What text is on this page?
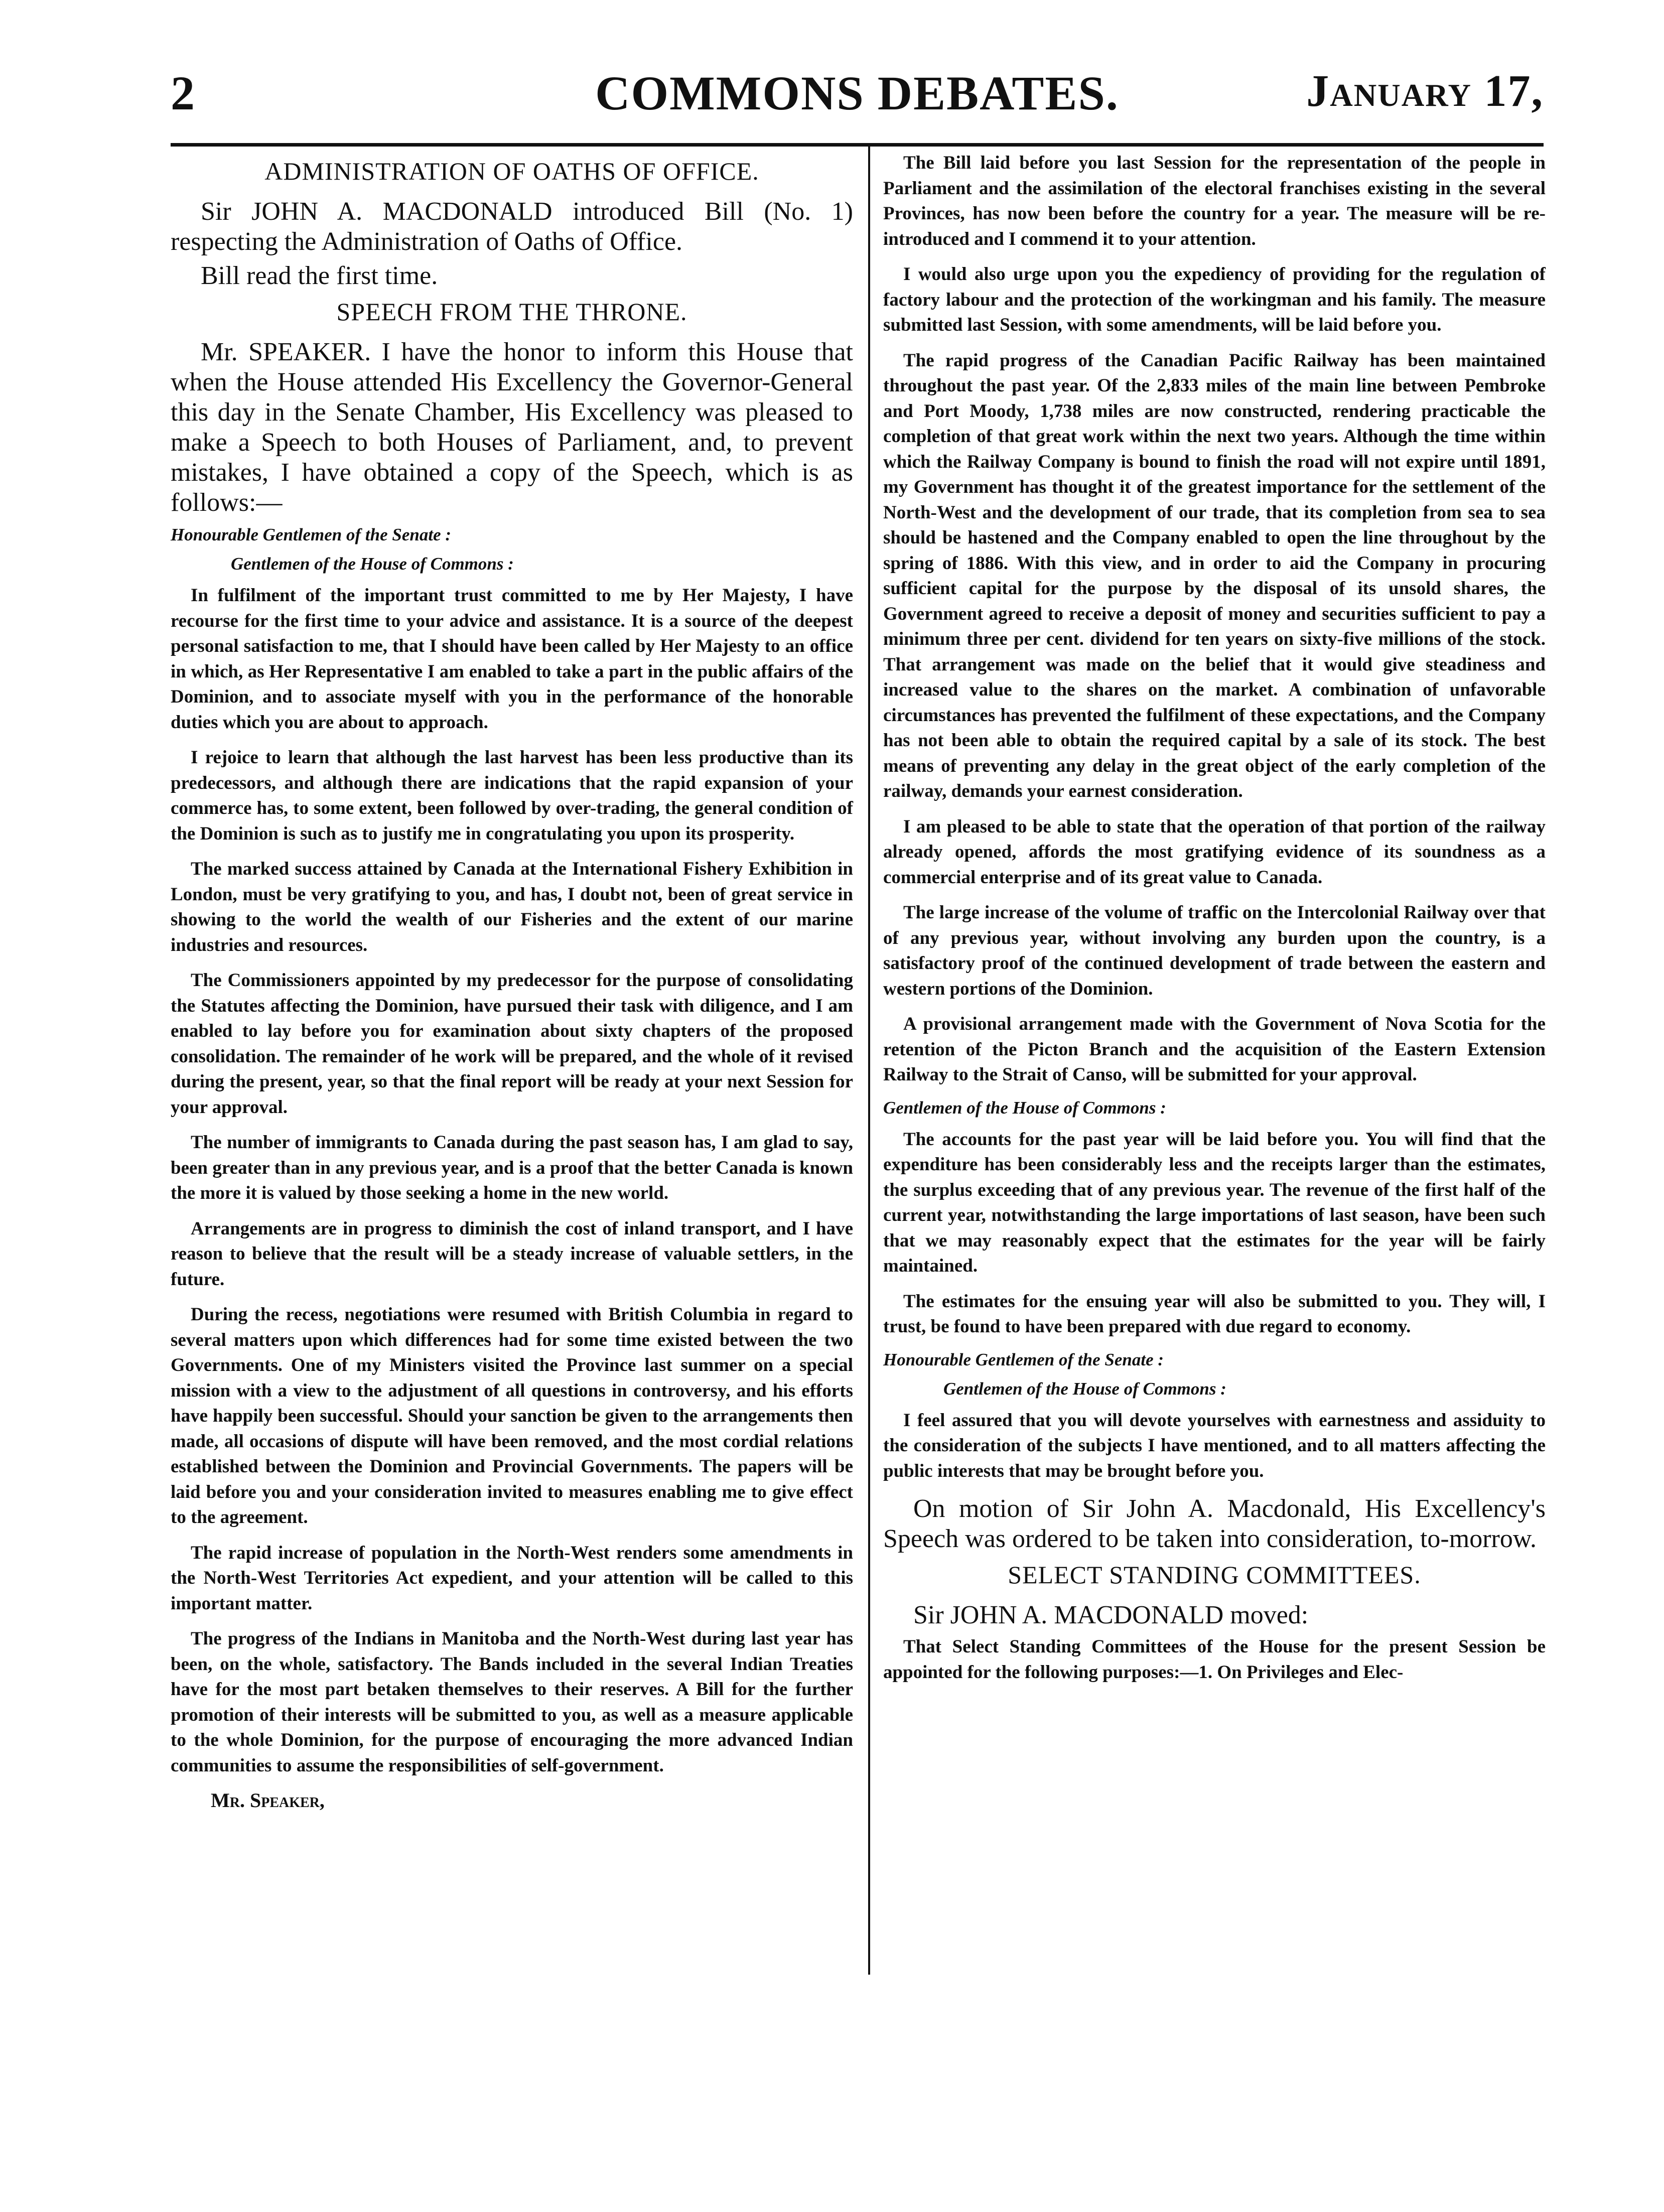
2	COMMONS DEBATES.	January 17,
ADMINISTRATION OF OATHS OF OFFICE.

Sir JOHN A. MACDONALD introduced Bill (No. 1) respecting the Administration of Oaths of Office.

Bill read the first time.

SPEECH FROM THE THRONE.

Mr. SPEAKER. I have the honor to inform this House that when the House attended His Excellency the Governor-General this day in the Senate Chamber, His Excellency was pleased to make a Speech to both Houses of Parliament, and, to prevent mistakes, I have obtained a copy of the Speech, which is as follows:—

Honourable Gentlemen of the Senate :
Gentlemen of the House of Commons :

In fulfilment of the important trust committed to me by Her Majesty, I have recourse for the first time to your advice and assistance. It is a source of the deepest personal satisfaction to me, that I should have been called by Her Majesty to an office in which, as Her Representative I am enabled to take a part in the public affairs of the Dominion, and to associate myself with you in the performance of the honorable duties which you are about to approach.

I rejoice to learn that although the last harvest has been less productive than its predecessors, and although there are indications that the rapid expansion of your commerce has, to some extent, been followed by over-trading, the general condition of the Dominion is such as to justify me in congratulating you upon its prosperity.

The marked success attained by Canada at the International Fishery Exhibition in London, must be very gratifying to you, and has, I doubt not, been of great service in showing to the world the wealth of our Fisheries and the extent of our marine industries and resources.

The Commissioners appointed by my predecessor for the purpose of consolidating the Statutes affecting the Dominion, have pursued their task with diligence, and I am enabled to lay before you for examination about sixty chapters of the proposed consolidation. The remainder of he work will be prepared, and the whole of it revised during the present, year, so that the final report will be ready at your next Session for your approval.

The number of immigrants to Canada during the past season has, I am glad to say, been greater than in any previous year, and is a proof that the better Canada is known the more it is valued by those seeking a home in the new world.

Arrangements are in progress to diminish the cost of inland transport, and I have reason to believe that the result will be a steady increase of valuable settlers, in the future.

During the recess, negotiations were resumed with British Columbia in regard to several matters upon which differences had for some time existed between the two Governments. One of my Ministers visited the Province last summer on a special mission with a view to the adjustment of all questions in controversy, and his efforts have happily been successful. Should your sanction be given to the arrangements then made, all occasions of dispute will have been removed, and the most cordial relations established between the Dominion and Provincial Governments. The papers will be laid before you and your consideration invited to measures enabling me to give effect to the agreement.

The rapid increase of population in the North-West renders some amendments in the North-West Territories Act expedient, and your attention will be called to this important matter.

The progress of the Indians in Manitoba and the North-West during last year has been, on the whole, satisfactory. The Bands included in the several Indian Treaties have for the most part betaken themselves to their reserves. A Bill for the further promotion of their interests will be submitted to you, as well as a measure applicable to the whole Dominion, for the purpose of encouraging the more advanced Indian communities to assume the responsibilities of self-government.

Mr. Speaker,

The Bill laid before you last Session for the representation of the people in Parliament and the assimilation of the electoral franchises existing in the several Provinces, has now been before the country for a year. The measure will be re-introduced and I commend it to your attention.

I would also urge upon you the expediency of providing for the regulation of factory labour and the protection of the workingman and his family. The measure submitted last Session, with some amendments, will be laid before you.

The rapid progress of the Canadian Pacific Railway has been maintained throughout the past year. Of the 2,833 miles of the main line between Pembroke and Port Moody, 1,738 miles are now constructed, rendering practicable the completion of that great work within the next two years. Although the time within which the Railway Company is bound to finish the road will not expire until 1891, my Government has thought it of the greatest importance for the settlement of the North-West and the development of our trade, that its completion from sea to sea should be hastened and the Company enabled to open the line throughout by the spring of 1886. With this view, and in order to aid the Company in procuring sufficient capital for the purpose by the disposal of its unsold shares, the Government agreed to receive a deposit of money and securities sufficient to pay a minimum three per cent. dividend for ten years on sixty-five millions of the stock. That arrangement was made on the belief that it would give steadiness and increased value to the shares on the market. A combination of unfavorable circumstances has prevented the fulfilment of these expectations, and the Company has not been able to obtain the required capital by a sale of its stock. The best means of preventing any delay in the great object of the early completion of the railway, demands your earnest consideration.

I am pleased to be able to state that the operation of that portion of the railway already opened, affords the most gratifying evidence of its soundness as a commercial enterprise and of its great value to Canada.

The large increase of the volume of traffic on the Intercolonial Railway over that of any previous year, without involving any burden upon the country, is a satisfactory proof of the continued development of trade between the eastern and western portions of the Dominion.

A provisional arrangement made with the Government of Nova Scotia for the retention of the Picton Branch and the acquisition of the Eastern Extension Railway to the Strait of Canso, will be submitted for your approval.

Gentlemen of the House of Commons :

The accounts for the past year will be laid before you. You will find that the expenditure has been considerably less and the receipts larger than the estimates, the surplus exceeding that of any previous year. The revenue of the first half of the current year, notwithstanding the large importations of last season, have been such that we may reasonably expect that the estimates for the year will be fairly maintained.

The estimates for the ensuing year will also be submitted to you. They will, I trust, be found to have been prepared with due regard to economy.

Honourable Gentlemen of the Senate :
Gentlemen of the House of Commons :

I feel assured that you will devote yourselves with earnestness and assiduity to the consideration of the subjects I have mentioned, and to all matters affecting the public interests that may be brought before you.

On motion of Sir John A. Macdonald, His Excellency's Speech was ordered to be taken into consideration, to-morrow.

SELECT STANDING COMMITTEES.

Sir JOHN A. MACDONALD moved:

That Select Standing Committees of the House for the present Session be appointed for the following purposes:—1. On Privileges and Elec-
